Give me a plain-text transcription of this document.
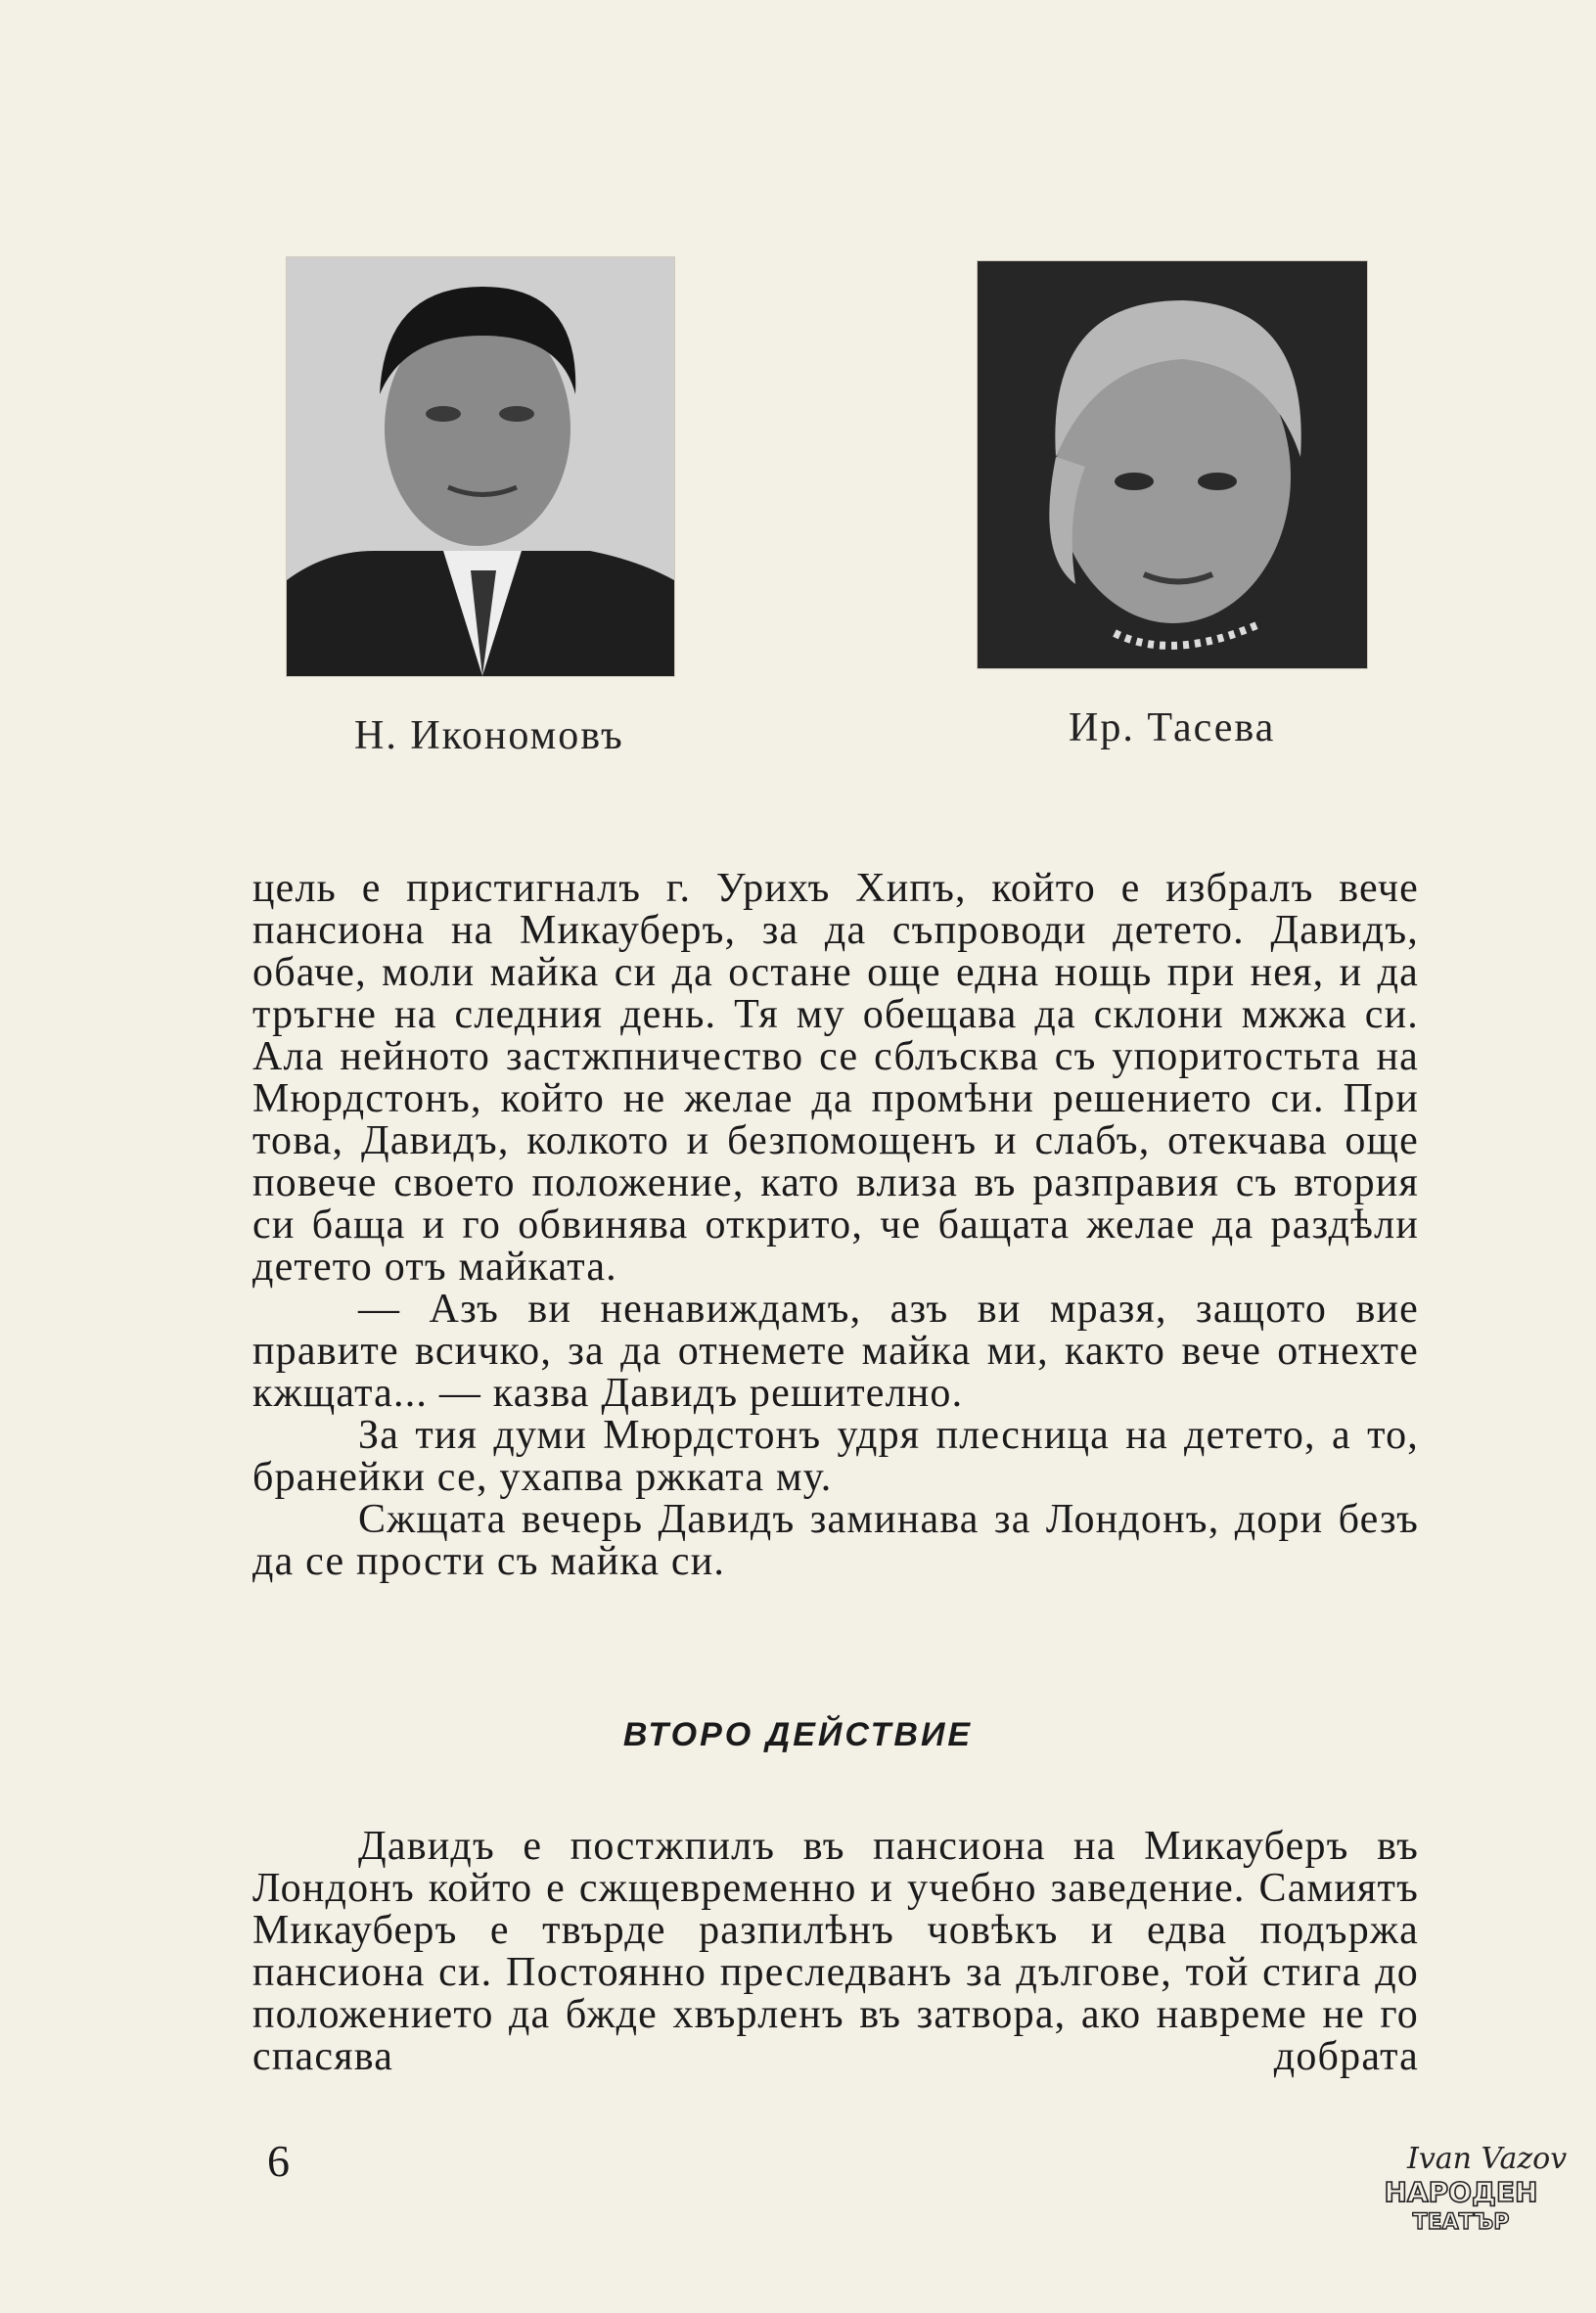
Н. Икономовъ	Ир. Тасева

цель е пристигналъ г. Урихъ Хипъ, който е избралъ вече пансиона на Микауберъ, за да съпроводи детето. Давидъ, обаче, моли майка си да остане още една нощь при нея, и да тръгне на следния день. Тя му обещава да склони мжжа си. Ала нейното застжпничество се сблъсква съ упоритостьта на Мюрдстонъ, който не желае да промѣни решението си. При това, Давидъ, колкото и безпомощенъ и слабъ, отекчава още повече своето положение, като влиза въ разправия съ втория си баща и го обвинява открито, че бащата желае да раздѣли детето отъ майката.

— Азъ ви ненавиждамъ, азъ ви мразя, защото вие правите всичко, за да отнемете майка ми, както вече отнехте кжщата... — казва Давидъ решително.

За тия думи Мюрдстонъ удря плесница на детето, а то, бранейки се, ухапва ржката му.

Сжщата вечерь Давидъ заминава за Лондонъ, дори безъ да се прости съ майка си.

ВТОРО ДЕЙСТВИЕ

Давидъ е постжпилъ въ пансиона на Микауберъ въ Лондонъ който е сжщевременно и учебно заведение. Самиятъ Микауберъ е твърде разпилѣнъ човѣкъ и едва подържа пансиона си. Постоянно преследванъ за дългове, той стига до положението да бжде хвърленъ въ затвора, ако навреме не го спасява добрата

6	Ivan Vazov
НАРОДЕН
ТЕАТЪР
